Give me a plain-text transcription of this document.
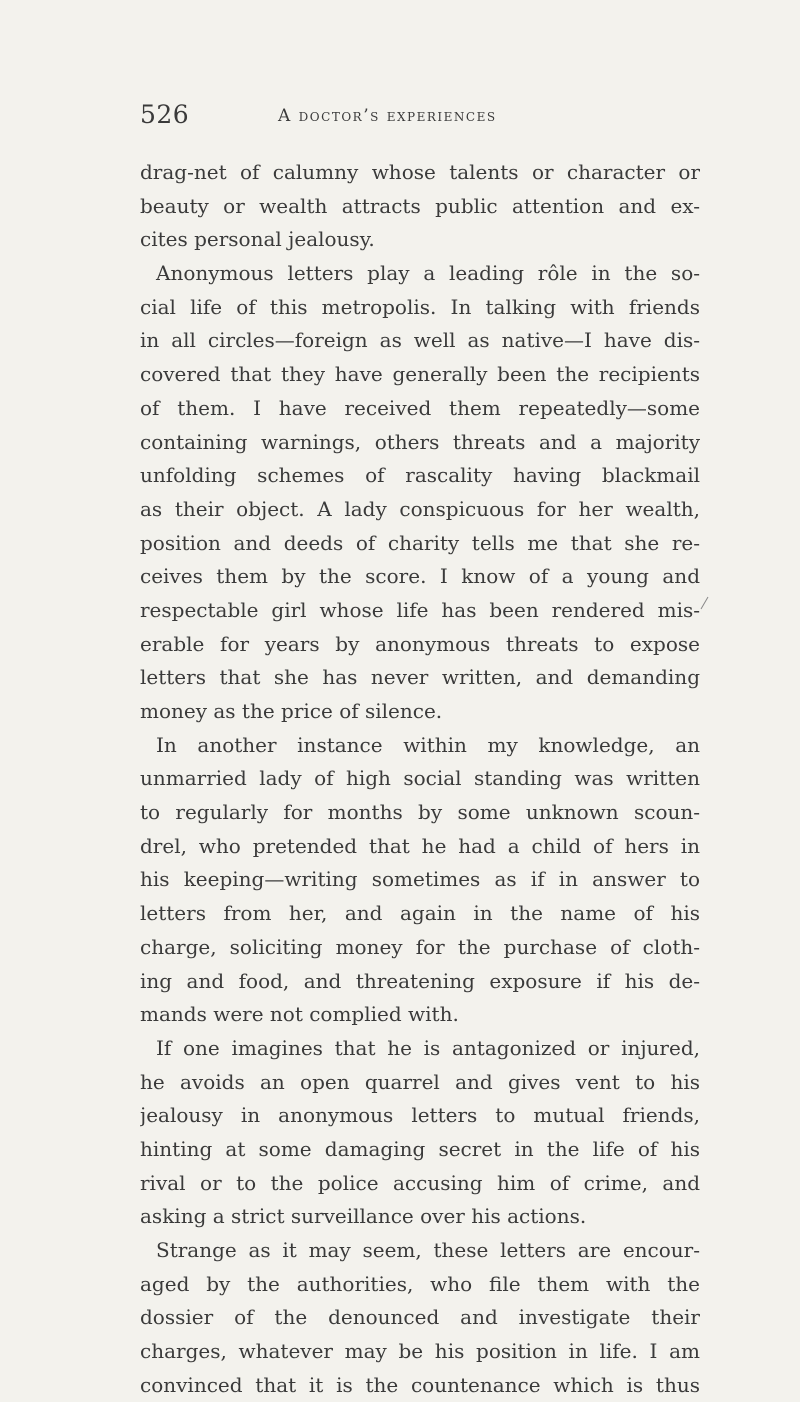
526	a doctor’s experiences
drag-net of calumny whose talents or character or
beauty or wealth attracts public attention and ex-
cites personal jealousy.
Anonymous letters play a leading rôle in the so-
cial life of this metropolis. In talking with friends
in all circles—foreign as well as native—I have dis-
covered that they have generally been the recipients
of them. I have received them repeatedly—some
containing warnings, others threats and a majority
unfolding schemes of rascality having blackmail
as their object. A lady conspicuous for her wealth,
position and deeds of charity tells me that she re-
ceives them by the score. I know of a young and
respectable girl whose life has been rendered mis-
erable for years by anonymous threats to expose
letters that she has never written, and demanding
money as the price of silence.
In another instance within my knowledge, an
unmarried lady of high social standing was written
to regularly for months by some unknown scoun-
drel, who pretended that he had a child of hers in
his keeping—writing sometimes as if in answer to
letters from her, and again in the name of his
charge, soliciting money for the purchase of cloth-
ing and food, and threatening exposure if his de-
mands were not complied with.
If one imagines that he is antagonized or injured,
he avoids an open quarrel and gives vent to his
jealousy in anonymous letters to mutual friends,
hinting at some damaging secret in the life of his
rival or to the police accusing him of crime, and
asking a strict surveillance over his actions.
Strange as it may seem, these letters are encour-
aged by the authorities, who file them with the
dossier of the denounced and investigate their
charges, whatever may be his position in life. I am
convinced that it is the countenance which is thus
